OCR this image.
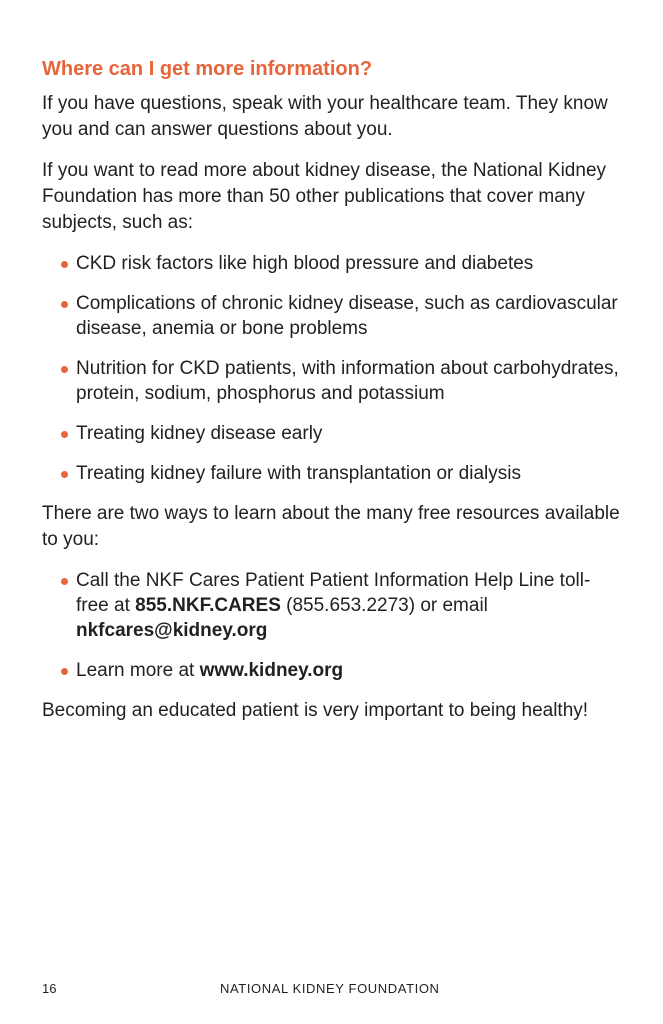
Where can I get more information?

If you have questions, speak with your healthcare team. They know you and can answer questions about you.

If you want to read more about kidney disease, the National Kidney Foundation has more than 50 other publications that cover many subjects, such as:

CKD risk factors like high blood pressure and diabetes
Complications of chronic kidney disease, such as cardiovascular disease, anemia or bone problems
Nutrition for CKD patients, with information about carbohydrates, protein, sodium, phosphorus and potassium
Treating kidney disease early
Treating kidney failure with transplantation or dialysis

There are two ways to learn about the many free resources available to you:

Call the NKF Cares Patient Patient Information Help Line toll-free at 855.NKF.CARES (855.653.2273) or email
nkfcares@kidney.org
Learn more at www.kidney.org

Becoming an educated patient is very important to being healthy!

16	NATIONAL KIDNEY FOUNDATION
